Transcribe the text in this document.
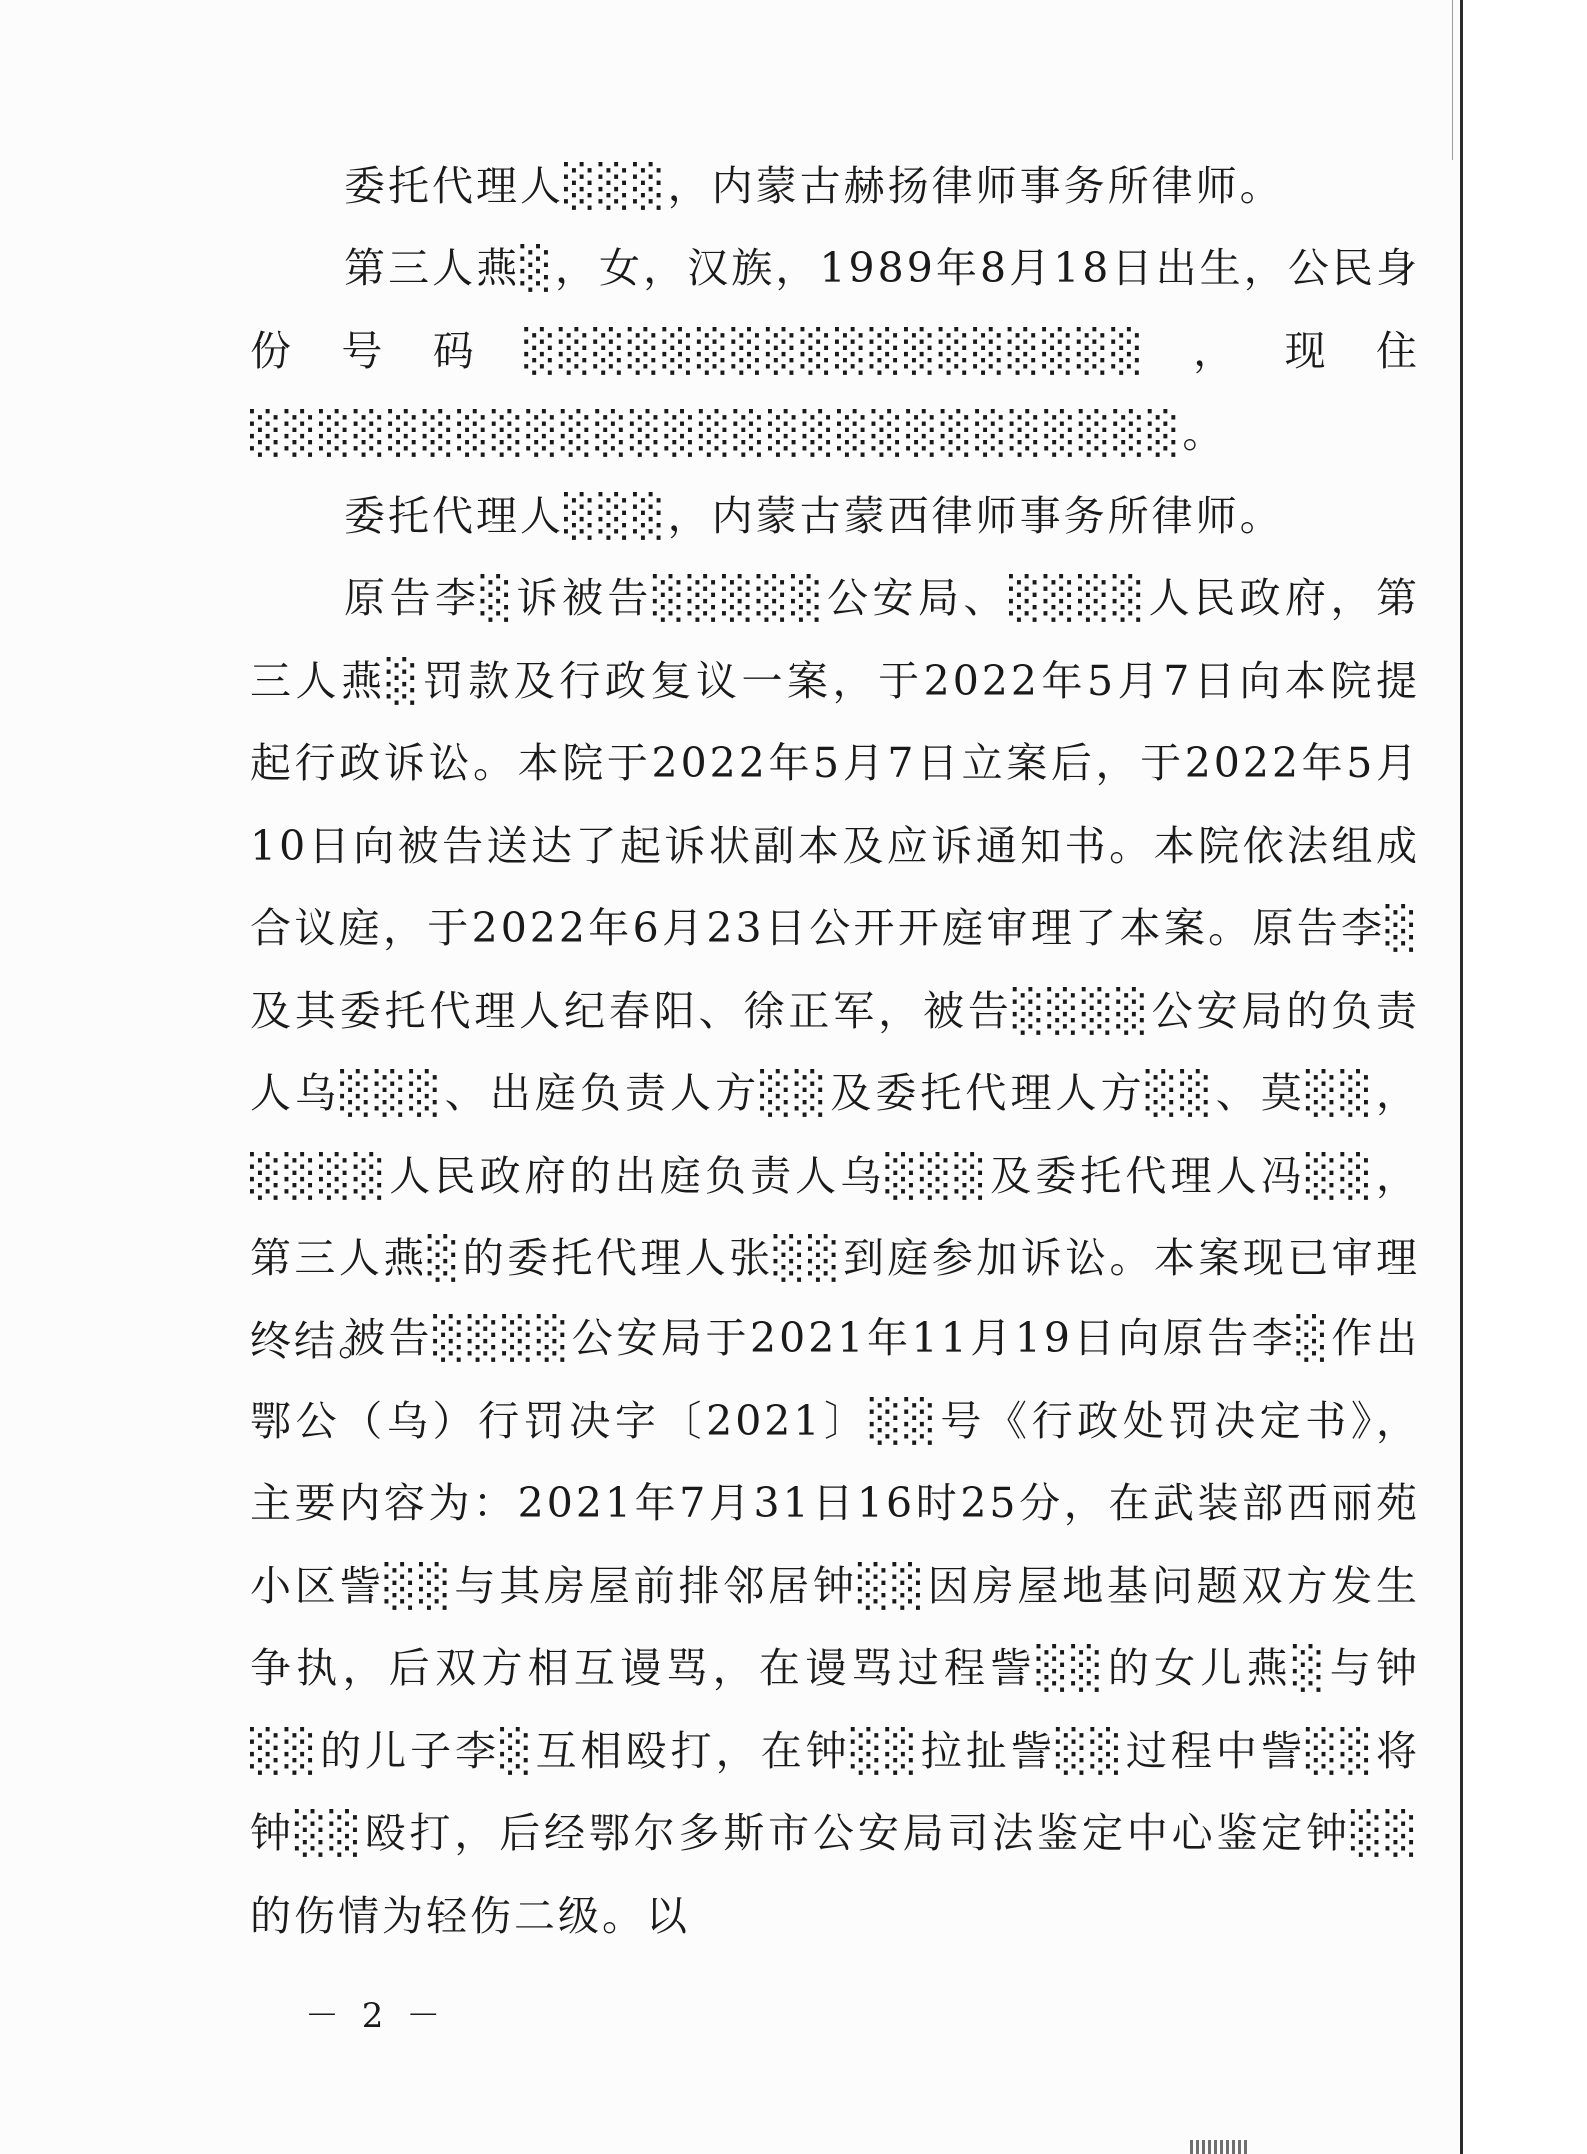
委托代理人░░░，内蒙古赫扬律师事务所律师。

第三人燕░，女，汉族，1989年8月18日出生，公民身份号码░░░░░░░░░░░░░░░░░░，现住░░░░░░░░░░░░░░░░░░░░░░░░░░░。

委托代理人░░░，内蒙古蒙西律师事务所律师。

原告李░诉被告░░░░░公安局、░░░░人民政府，第三人燕░罚款及行政复议一案，于2022年5月7日向本院提起行政诉讼。本院于2022年5月7日立案后，于2022年5月10日向被告送达了起诉状副本及应诉通知书。本院依法组成合议庭，于2022年6月23日公开开庭审理了本案。原告李░及其委托代理人纪春阳、徐正军，被告░░░░公安局的负责人乌░░░、出庭负责人方░░及委托代理人方░░、莫░░，░░░░人民政府的出庭负责人乌░░░及委托代理人冯░░，第三人燕░的委托代理人张░░到庭参加诉讼。本案现已审理终结。

被告░░░░公安局于2021年11月19日向原告李░作出鄂公（乌）行罚决字〔2021〕░░号《行政处罚决定书》，主要内容为：2021年7月31日16时25分，在武装部西丽苑小区訾░░与其房屋前排邻居钟░░因房屋地基问题双方发生争执，后双方相互谩骂，在谩骂过程訾░░的女儿燕░与钟░░的儿子李░互相殴打，在钟░░拉扯訾░░过程中訾░░将钟░░殴打，后经鄂尔多斯市公安局司法鉴定中心鉴定钟░░的伤情为轻伤二级。以

－ 2 －
